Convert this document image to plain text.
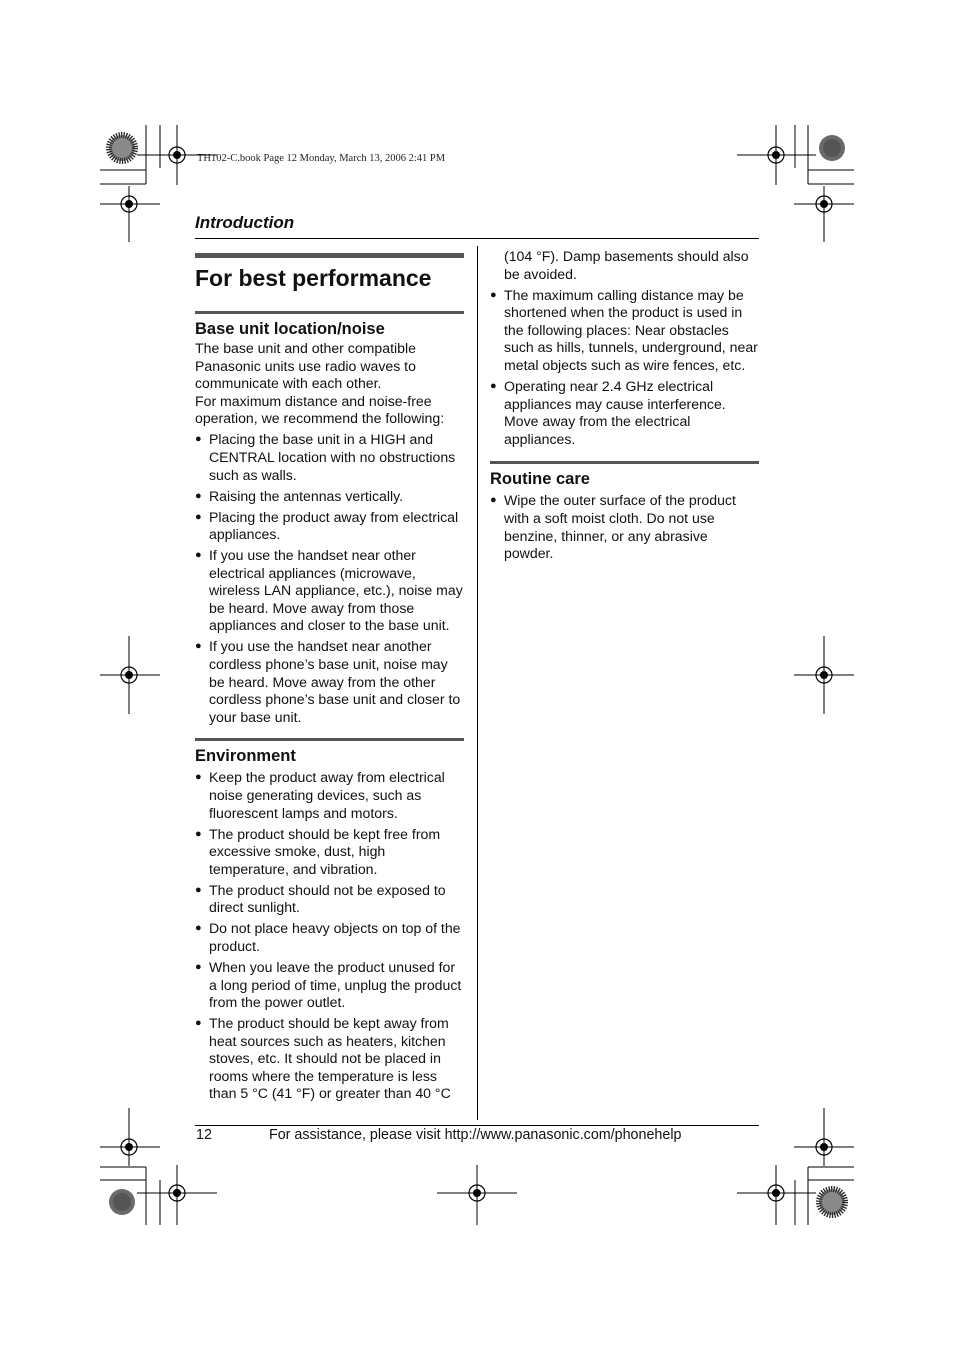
TH102-C.book Page 12 Monday, March 13, 2006 2:41 PM
Introduction
For best performance
Base unit location/noise

The base unit and other compatible Panasonic units use radio waves to communicate with each other.

For maximum distance and noise-free operation, we recommend the following:

● Placing the base unit in a HIGH and CENTRAL location with no obstructions such as walls.
● Raising the antennas vertically.
● Placing the product away from electrical appliances.
● If you use the handset near other electrical appliances (microwave, wireless LAN appliance, etc.), noise may be heard. Move away from those appliances and closer to the base unit.
● If you use the handset near another cordless phone’s base unit, noise may be heard. Move away from the other cordless phone’s base unit and closer to your base unit.
Environment
● Keep the product away from electrical noise generating devices, such as fluorescent lamps and motors.
● The product should be kept free from excessive smoke, dust, high temperature, and vibration.
● The product should not be exposed to direct sunlight.
● Do not place heavy objects on top of the product.
● When you leave the product unused for a long period of time, unplug the product from the power outlet.
● The product should be kept away from heat sources such as heaters, kitchen stoves, etc. It should not be placed in rooms where the temperature is less than 5 °C (41 °F) or greater than 40 °C

(104 °F). Damp basements should also be avoided.

● The maximum calling distance may be shortened when the product is used in the following places: Near obstacles such as hills, tunnels, underground, near metal objects such as wire fences, etc.
● Operating near 2.4 GHz electrical appliances may cause interference. Move away from the electrical appliances.
Routine care
● Wipe the outer surface of the product with a soft moist cloth. Do not use benzine, thinner, or any abrasive powder.
12	For assistance, please visit http://www.panasonic.com/phonehelp
